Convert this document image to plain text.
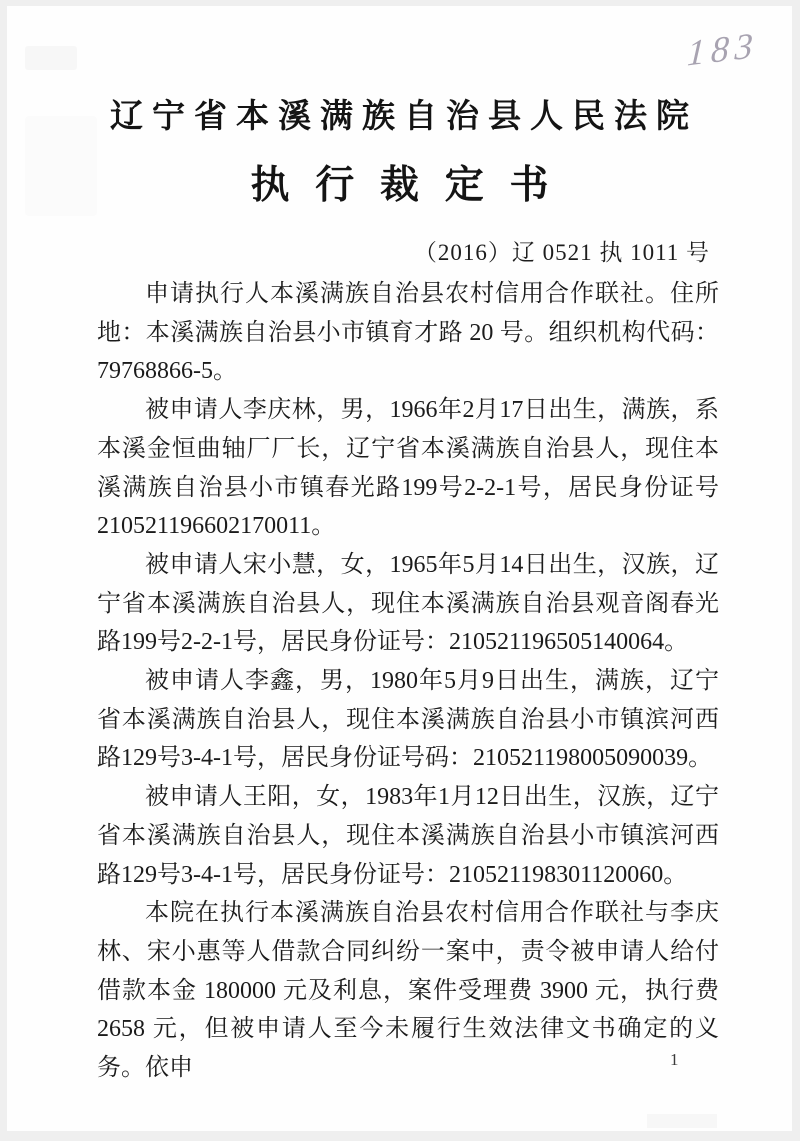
183
辽宁省本溪满族自治县人民法院
执 行 裁 定 书
（2016）辽 0521 执 1011 号

申请执行人本溪满族自治县农村信用合作联社。住所地：本溪满族自治县小市镇育才路 20 号。组织机构代码：79768866-5。

被申请人李庆林，男，1966年2月17日出生，满族，系本溪金恒曲轴厂厂长，辽宁省本溪满族自治县人，现住本溪满族自治县小市镇春光路199号2-2-1号，居民身份证号210521196602170011。

被申请人宋小慧，女，1965年5月14日出生，汉族，辽宁省本溪满族自治县人，现住本溪满族自治县观音阁春光路199号2-2-1号，居民身份证号：210521196505140064。

被申请人李鑫，男，1980年5月9日出生，满族，辽宁省本溪满族自治县人，现住本溪满族自治县小市镇滨河西路129号3-4-1号，居民身份证号码：210521198005090039。

被申请人王阳，女，1983年1月12日出生，汉族，辽宁省本溪满族自治县人，现住本溪满族自治县小市镇滨河西路129号3-4-1号，居民身份证号：210521198301120060。

本院在执行本溪满族自治县农村信用合作联社与李庆林、宋小惠等人借款合同纠纷一案中，责令被申请人给付借款本金 180000 元及利息，案件受理费 3900 元，执行费 2658 元，但被申请人至今未履行生效法律文书确定的义务。依申	1
